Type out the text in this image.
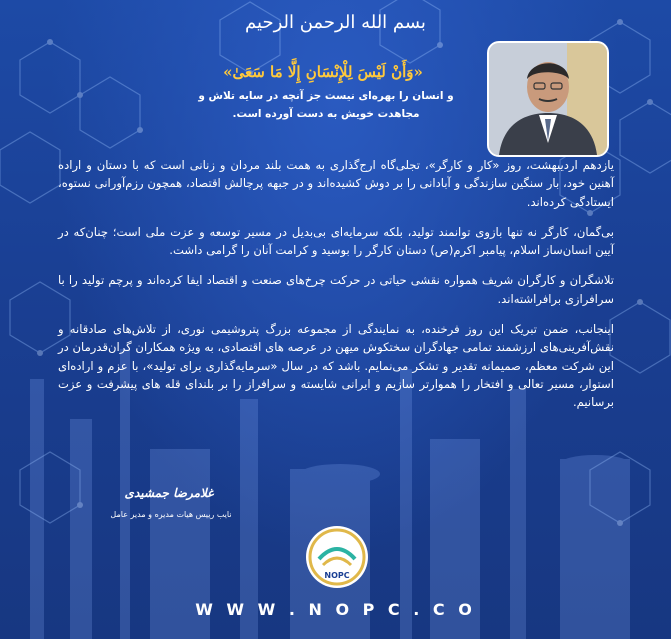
بسم الله الرحمن الرحیم
«وَأَنْ لَيْسَ لِلْإِنْسَانِ إِلَّا مَا سَعَىٰ»
و انسان را بهره‌ای نیست جز آنچه در سایه تلاش و
مجاهدت خویش به دست آورده است.

یازدهم اردیبهشت، روز «کار و کارگر»، تجلی‌گاه ارج‌گذاری به همت بلند مردان و زنانی است که با دستان و اراده آهنین خود، بار سنگین سازندگی و آبادانی را بر دوش کشیده‌اند و در جبهه پرچالش اقتصاد، همچون رزم‌آورانی نستوه، ایستادگی کرده‌اند.

بی‌گمان، کارگر نه تنها بازوی توانمند تولید، بلکه سرمایه‌ای بی‌بدیل در مسیر توسعه و عزت ملی است؛ چنان‌که در آیین انسان‌ساز اسلام، پیامبر اکرم(ص) دستان کارگر را بوسید و کرامت آنان را گرامی داشت.

تلاشگران و کارگران شریف همواره نقشی حیاتی در حرکت چرخ‌های صنعت و اقتصاد ایفا کرده‌اند و پرچم تولید را با سرافرازی برافراشته‌اند.

اینجانب، ضمن تبریک این روز فرخنده، به نمایندگی از مجموعه بزرگ پتروشیمی نوری، از تلاش‌های صادقانه و نقش‌آفرینی‌های ارزشمند تمامی جهادگران سختکوش میهن در عرصه های اقتصادی، به ویژه همکاران گران‌قدرمان در این شرکت معظم، صمیمانه تقدیر و تشکر می‌نمایم. باشد که در سال «سرمایه‌گذاری برای تولید»، با عزم و اراده‌ای استوار، مسیر تعالی و افتخار را هموارتر سازیم و ایرانی شایسته و سرافراز را بر بلندای قله های پیشرفت و عزت برسانیم.

غلامرضا جمشیدی
نایب رییس هیات مدیره و مدیر عامل
NOPC
W W W . N O P C . C O
